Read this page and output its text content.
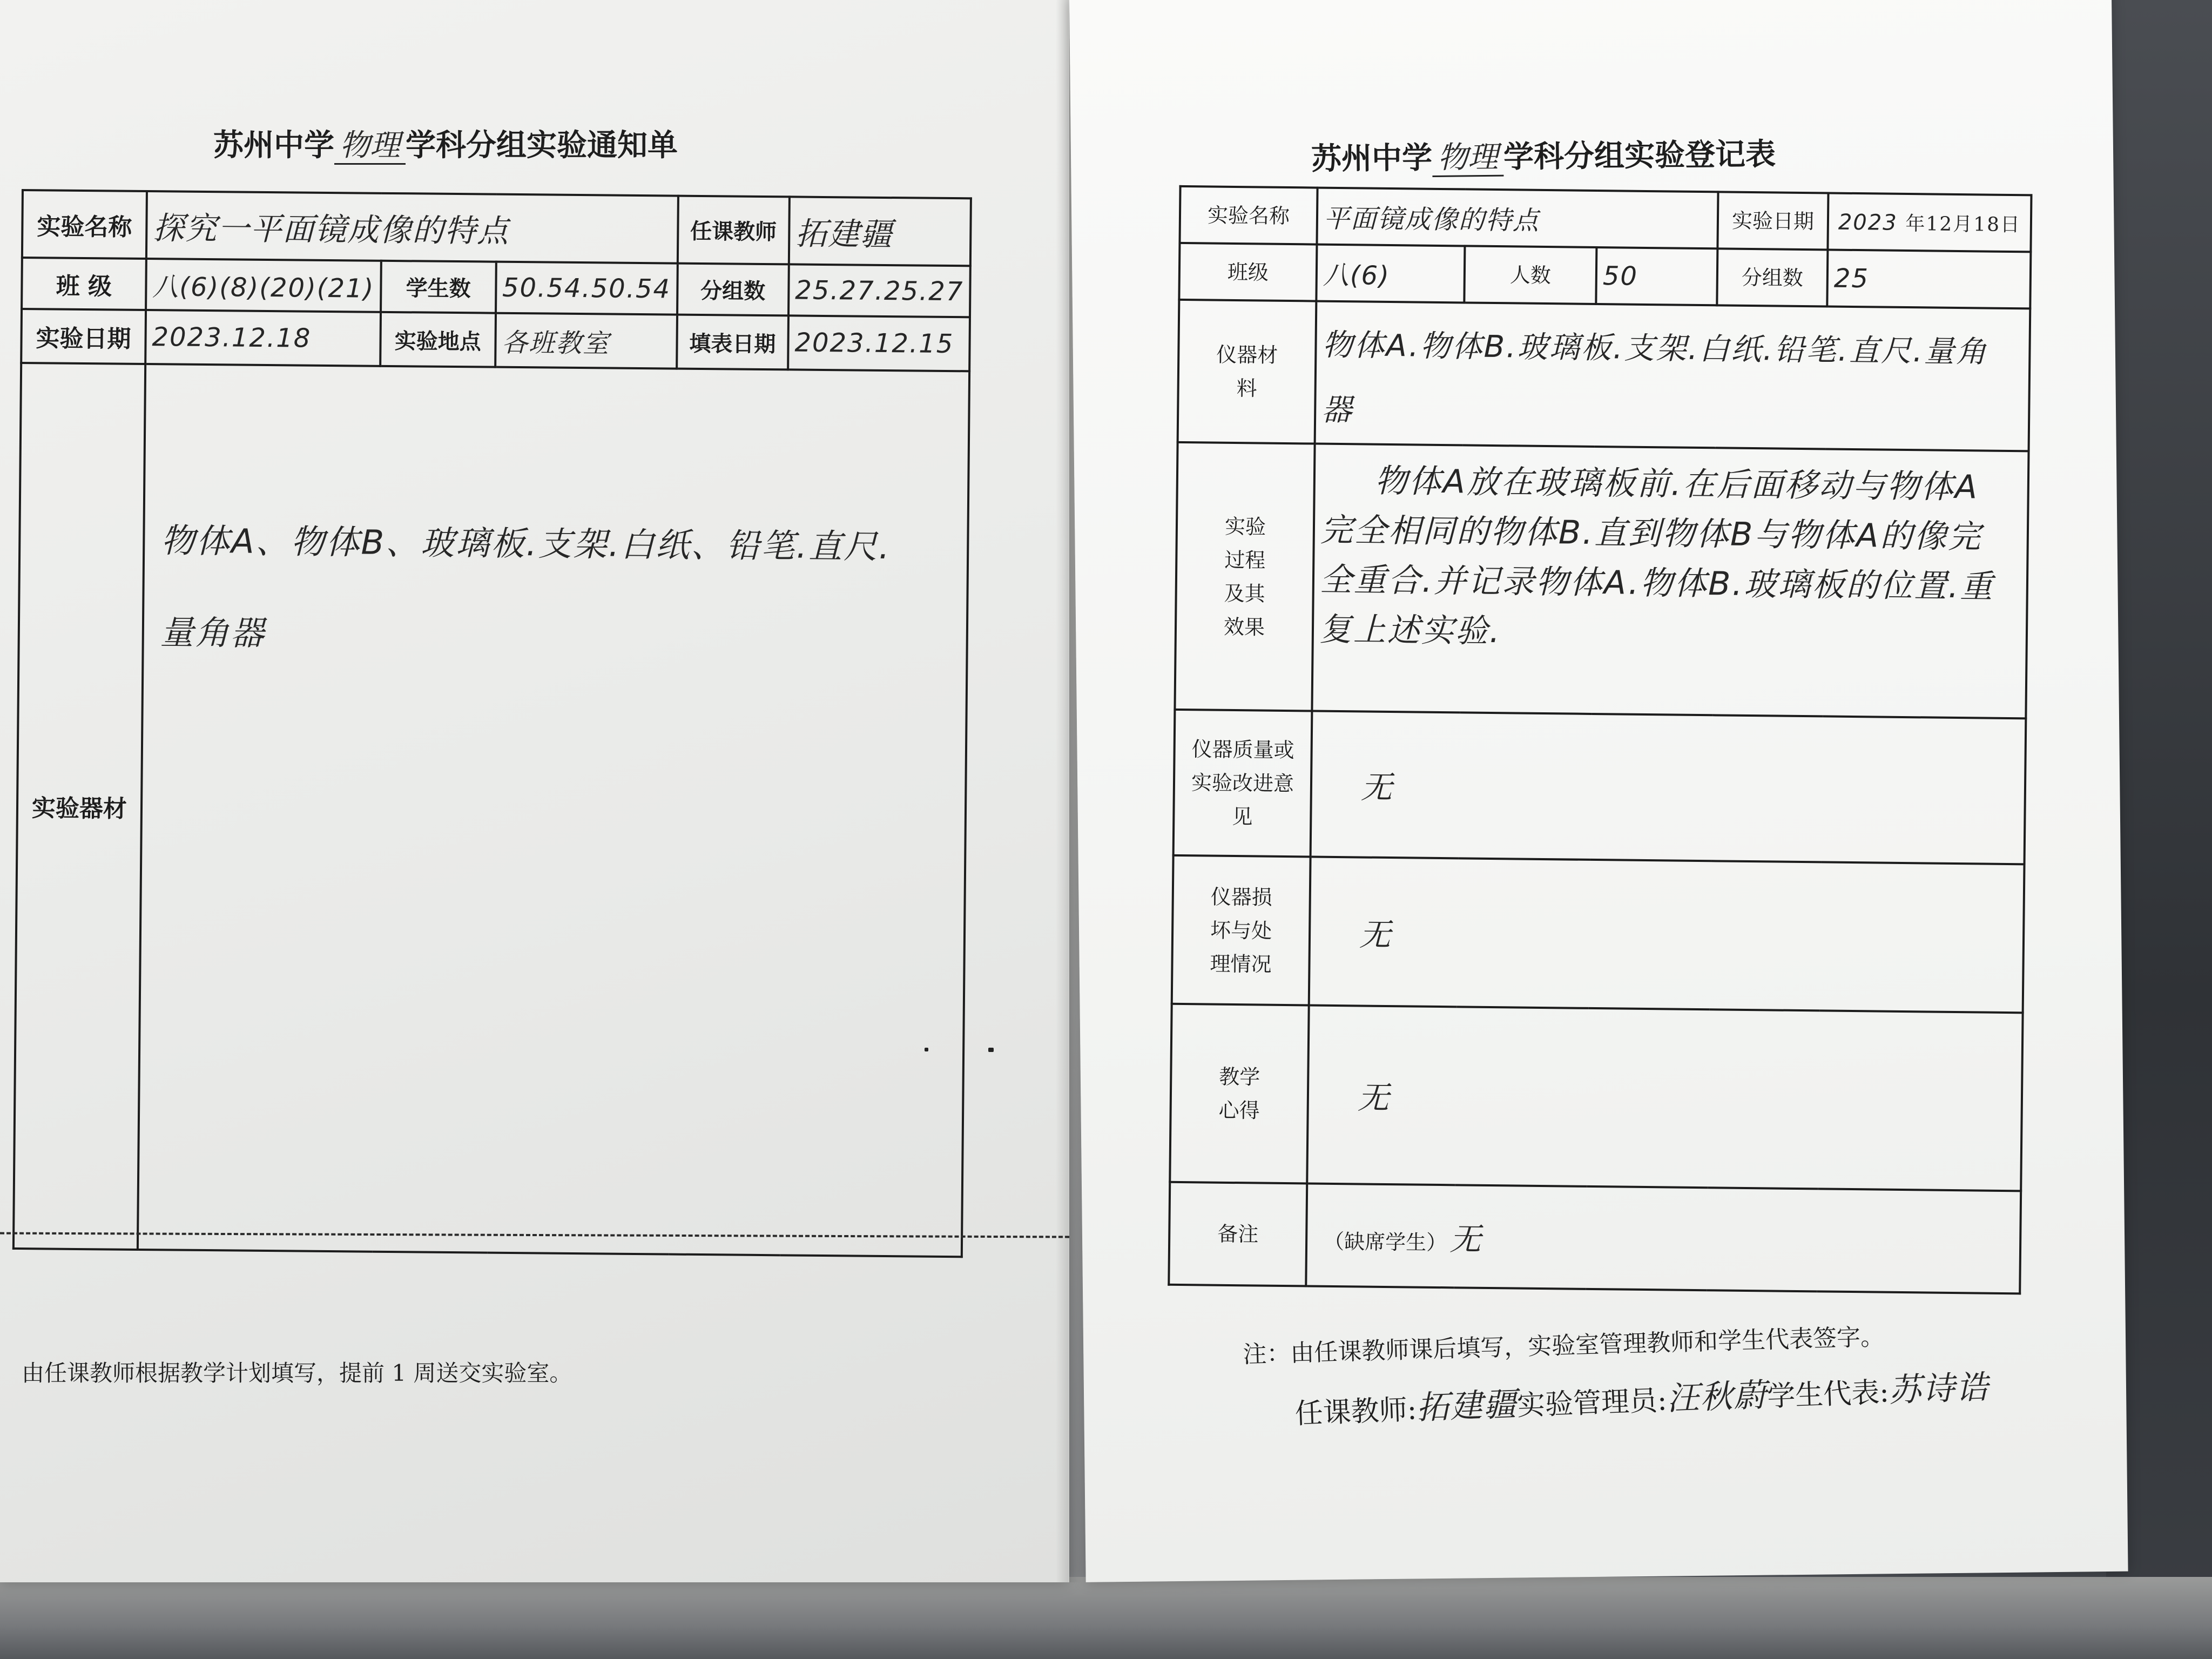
苏州中学 物理 学科分组实验通知单
实验名称	探究一平面镜成像的特点			任课教师	拓建疆
班 级	八(6)(8)(20)(21)	学生数	50.54.50.54	分组数	25.27.25.27
实验日期	2023.12.18	实验地点	各班教室	填表日期	2023.12.15
实验器材	物体A、物体B、玻璃板.支架.白纸、铅笔.直尺.量角器				
由任课教师根据教学计划填写，提前 1 周送交实验室。
苏州中学 物理 学科分组实验登记表
实验名称	平面镜成像的特点			实验日期	2023 年12月18日
班级	八(6)	人数	50	分组数	25
仪器材料	物体A.物体B.玻璃板.支架.白纸.铅笔.直尺.量角器				

实验过程及其效果	物体A放在玻璃板前.在后面移动与物体A完全相同的物体B.直到物体B与物体A的像完全重合.并记录物体A.物体B.玻璃板的位置.重复上述实验.				

仪器质量或实验改进意见	无				
仪器损坏与处理情况	无				
教学心得	无				
备注	（缺席学生） 无				
注：由任课教师课后填写，实验室管理教师和学生代表签字。
任课教师:拓建疆实验管理员:汪秋蔚学生代表:苏诗诰
